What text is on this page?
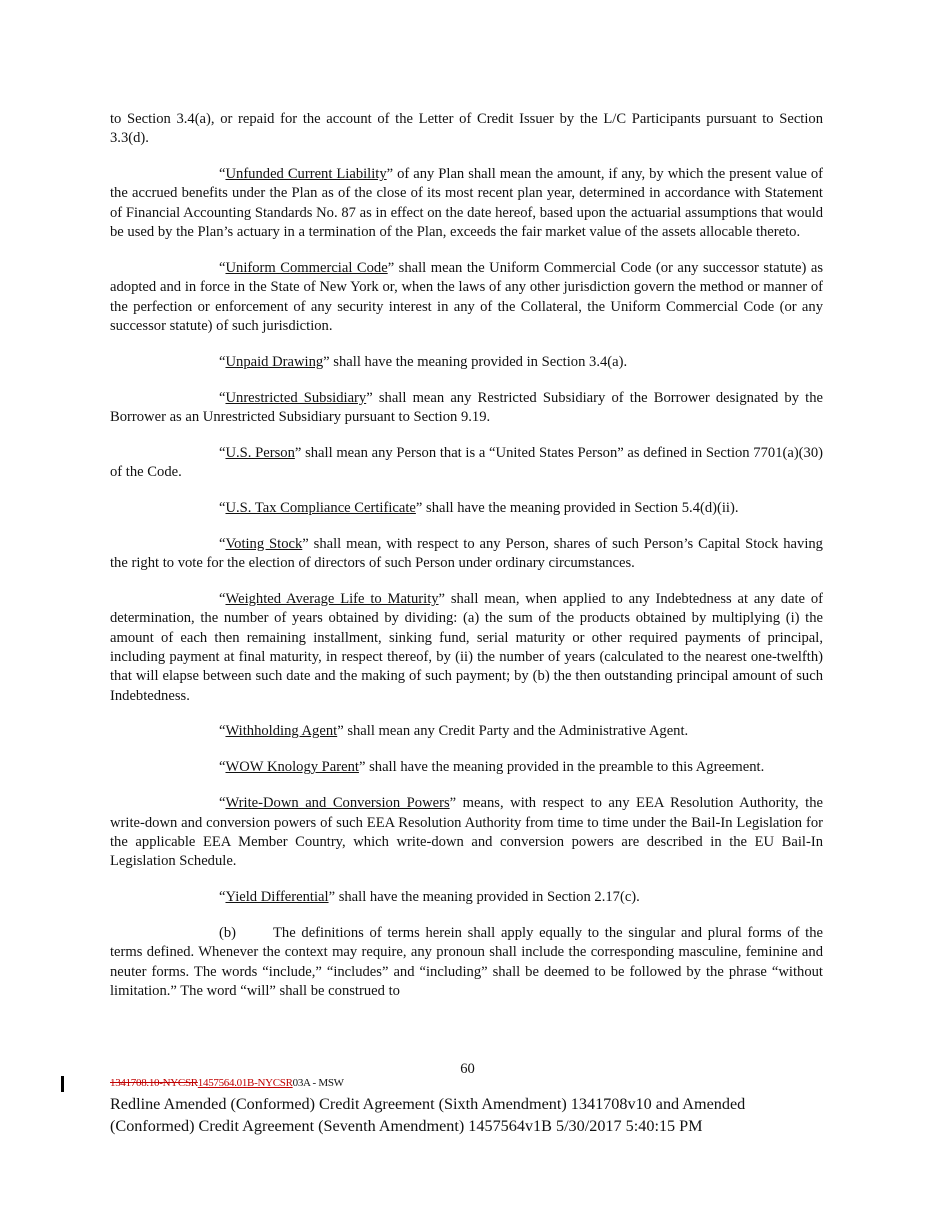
to Section 3.4(a), or repaid for the account of the Letter of Credit Issuer by the L/C Participants pursuant to Section 3.3(d).

“Unfunded Current Liability” of any Plan shall mean the amount, if any, by which the present value of the accrued benefits under the Plan as of the close of its most recent plan year, determined in accordance with Statement of Financial Accounting Standards No. 87 as in effect on the date hereof, based upon the actuarial assumptions that would be used by the Plan’s actuary in a termination of the Plan, exceeds the fair market value of the assets allocable thereto.

“Uniform Commercial Code” shall mean the Uniform Commercial Code (or any successor statute) as adopted and in force in the State of New York or, when the laws of any other jurisdiction govern the method or manner of the perfection or enforcement of any security interest in any of the Collateral, the Uniform Commercial Code (or any successor statute) of such jurisdiction.

“Unpaid Drawing” shall have the meaning provided in Section 3.4(a).

“Unrestricted Subsidiary” shall mean any Restricted Subsidiary of the Borrower designated by the Borrower as an Unrestricted Subsidiary pursuant to Section 9.19.

“U.S. Person” shall mean any Person that is a “United States Person” as defined in Section 7701(a)(30) of the Code.

“U.S. Tax Compliance Certificate” shall have the meaning provided in Section 5.4(d)(ii).

“Voting Stock” shall mean, with respect to any Person, shares of such Person’s Capital Stock having the right to vote for the election of directors of such Person under ordinary circumstances.

“Weighted Average Life to Maturity” shall mean, when applied to any Indebtedness at any date of determination, the number of years obtained by dividing: (a) the sum of the products obtained by multiplying (i) the amount of each then remaining installment, sinking fund, serial maturity or other required payments of principal, including payment at final maturity, in respect thereof, by (ii) the number of years (calculated to the nearest one-twelfth) that will elapse between such date and the making of such payment; by (b) the then outstanding principal amount of such Indebtedness.

“Withholding Agent” shall mean any Credit Party and the Administrative Agent.

“WOW Knology Parent” shall have the meaning provided in the preamble to this Agreement.

“Write-Down and Conversion Powers” means, with respect to any EEA Resolution Authority, the write-down and conversion powers of such EEA Resolution Authority from time to time under the Bail-In Legislation for the applicable EEA Member Country, which write-down and conversion powers are described in the EU Bail-In Legislation Schedule.

“Yield Differential” shall have the meaning provided in Section 2.17(c).

(b)	The definitions of terms herein shall apply equally to the singular and plural forms of the terms defined. Whenever the context may require, any pronoun shall include the corresponding masculine, feminine and neuter forms. The words “include,” “includes” and “including” shall be deemed to be followed by the phrase “without limitation.” The word “will” shall be construed to

60
1341708.10-NYCSR1457564.01B-NYCSR03A - MSW
Redline Amended (Conformed) Credit Agreement (Sixth Amendment) 1341708v10 and Amended (Conformed) Credit Agreement (Seventh Amendment) 1457564v1B 5/30/2017 5:40:15 PM
